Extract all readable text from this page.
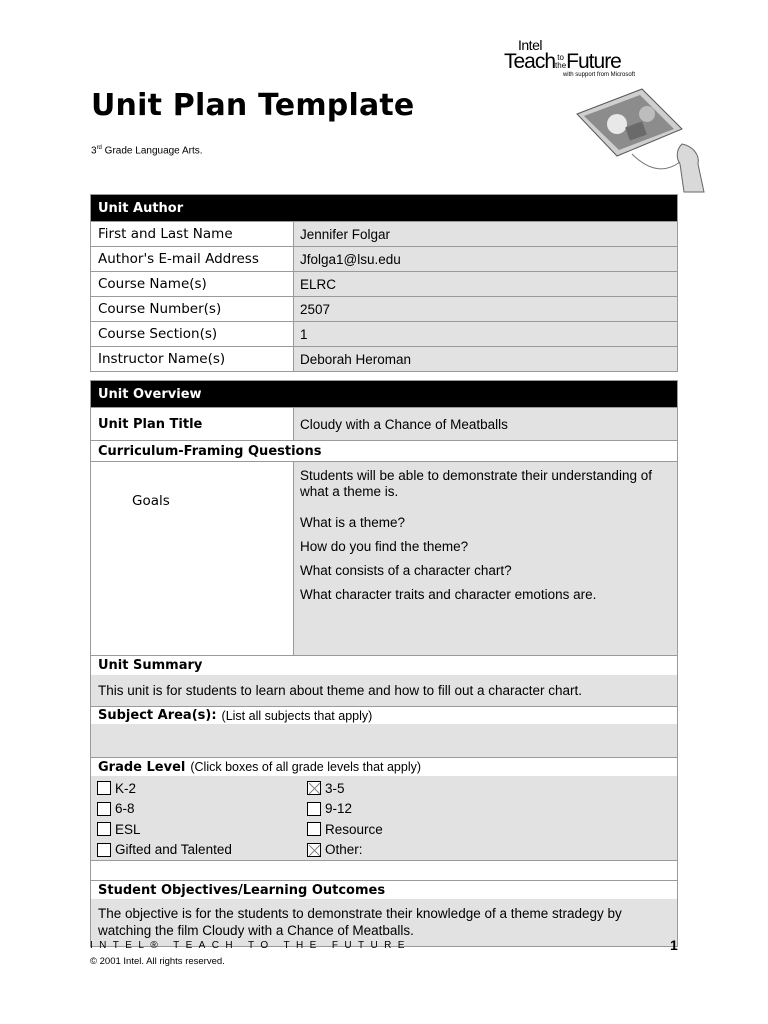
Intel
Teach to
theFuture
with support from Microsoft
Unit Plan Template
3rd Grade Language Arts.
Unit Author
First and Last Name	Jennifer Folgar
Author's E-mail Address	Jfolga1@lsu.edu
Course Name(s)	ELRC
Course Number(s)	2507
Course Section(s)	1
Instructor Name(s)	Deborah Heroman
Unit Overview
Unit Plan Title	Cloudy with a Chance of Meatballs
Curriculum-Framing Questions
Goals

Students will be able to demonstrate their understanding of what a theme is.

What is a theme?

How do you find the theme?

What consists of a character chart?

What character traits and character emotions are.

Unit Summary
This unit is for students to learn about theme and how to fill out a character chart.
Subject Area(s): (List all subjects that apply)
Grade Level (Click boxes of all grade levels that apply)
K-2	3-5
6-8	9-12
ESL	Resource
Gifted and Talented	Other:
Student Objectives/Learning Outcomes
The objective is for the students to demonstrate their knowledge of a theme stradegy by watching the film Cloudy with a Chance of Meatballs.
INTEL® TEACH TO THE FUTURE
© 2001 Intel. All rights reserved.
1
